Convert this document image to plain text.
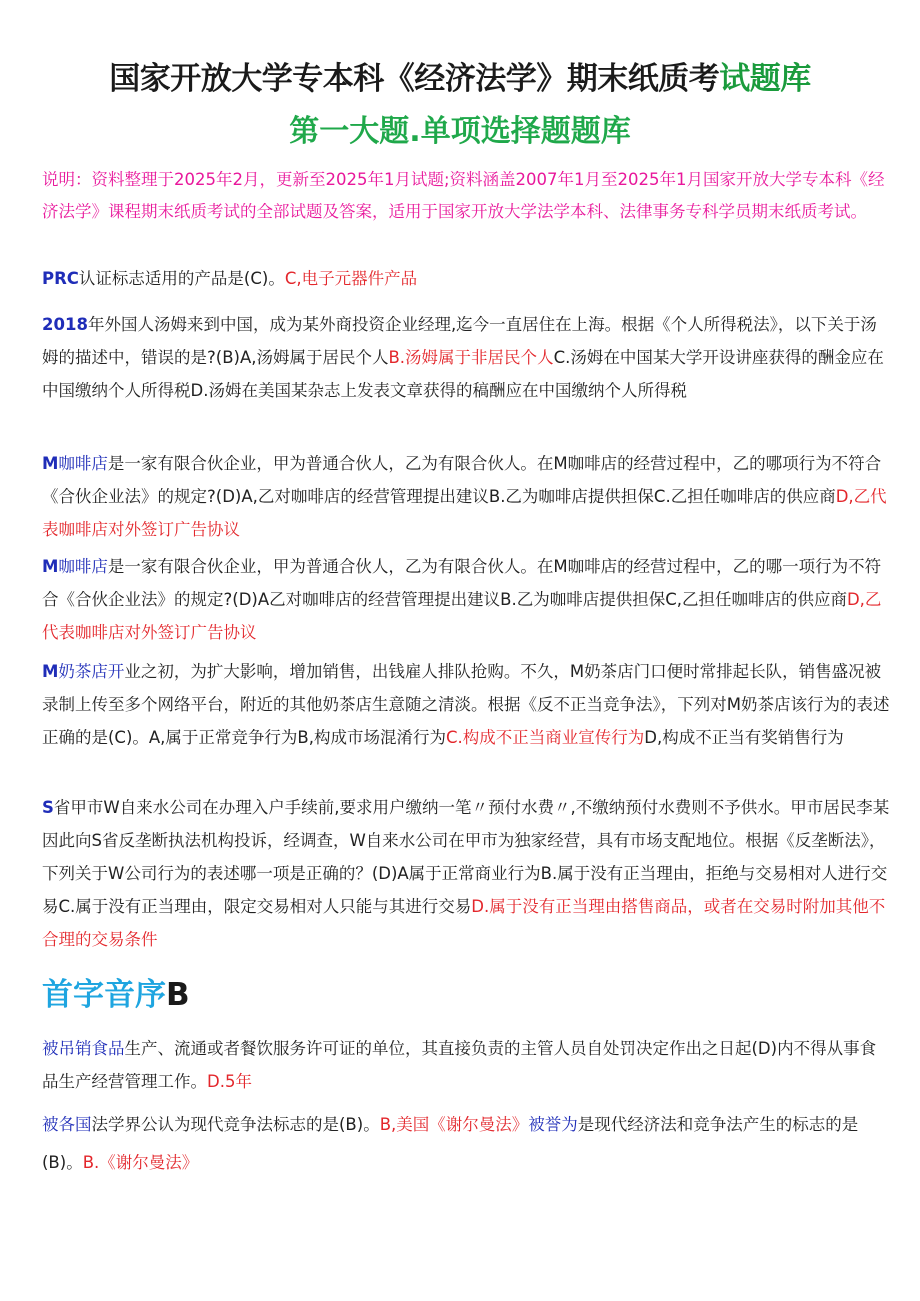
国家开放大学专本科《经济法学》期末纸质考试题库
第一大题.单项选择题题库

说明：资料整理于2025年2月，更新至2025年1月试题;资料涵盖2007年1月至2025年1月国家开放大学专本科《经济法学》课程期末纸质考试的全部试题及答案，适用于国家开放大学法学本科、法律事务专科学员期末纸质考试。

PRC认证标志适用的产品是(C)。C,电子元器件产品

2018年外国人汤姆来到中国，成为某外商投资企业经理,迄今一直居住在上海。根据《个人所得税法》，以下关于汤姆的描述中，错误的是?(B)A,汤姆属于居民个人B.汤姆属于非居民个人C.汤姆在中国某大学开设讲座获得的酬金应在中国缴纳个人所得税D.汤姆在美国某杂志上发表文章获得的稿酬应在中国缴纳个人所得税

M咖啡店是一家有限合伙企业，甲为普通合伙人，乙为有限合伙人。在M咖啡店的经营过程中，乙的哪项行为不符合《合伙企业法》的规定?(D)A,乙对咖啡店的经营管理提出建议B.乙为咖啡店提供担保C.乙担任咖啡店的供应商D,乙代表咖啡店对外签订广告协议

M咖啡店是一家有限合伙企业，甲为普通合伙人，乙为有限合伙人。在M咖啡店的经营过程中，乙的哪一项行为不符合《合伙企业法》的规定?(D)A乙对咖啡店的经营管理提出建议B.乙为咖啡店提供担保C,乙担任咖啡店的供应商D,乙代表咖啡店对外签订广告协议

M奶茶店开业之初，为扩大影响，增加销售，出钱雇人排队抢购。不久，M奶茶店门口便时常排起长队，销售盛况被录制上传至多个网络平台，附近的其他奶茶店生意随之清淡。根据《反不正当竞争法》，下列对M奶茶店该行为的表述正确的是(C)。A,属于正常竞争行为B,构成市场混淆行为C.构成不正当商业宣传行为D,构成不正当有奖销售行为

S省甲市W自来水公司在办理入户手续前,要求用户缴纳一笔〃预付水费〃,不缴纳预付水费则不予供水。甲市居民李某因此向S省反垄断执法机构投诉，经调查，W自来水公司在甲市为独家经营，具有市场支配地位。根据《反垄断法》，下列关于W公司行为的表述哪一项是正确的？(D)A属于正常商业行为B.属于没有正当理由，拒绝与交易相对人进行交易C.属于没有正当理由，限定交易相对人只能与其进行交易D.属于没有正当理由搭售商品，或者在交易时附加其他不合理的交易条件

首字音序B

被吊销食品生产、流通或者餐饮服务许可证的单位，其直接负责的主管人员自处罚决定作出之日起(D)内不得从事食品生产经营管理工作。D.5年

被各国法学界公认为现代竞争法标志的是(B)。B,美国《谢尔曼法》被誉为是现代经济法和竞争法产生的标志的是(B)。B.《谢尔曼法》
